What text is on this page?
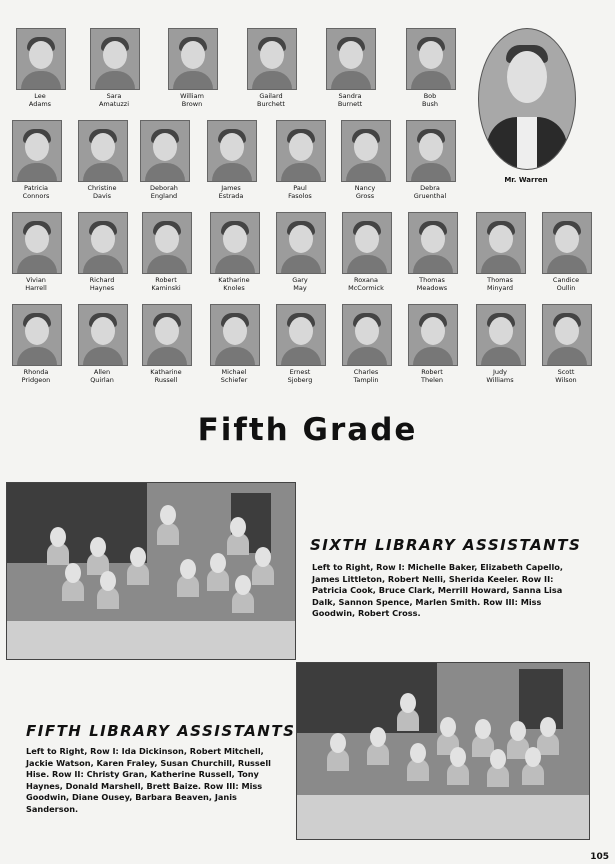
Lee
Adams
Sara
Amatuzzi
William
Brown
Gailard
Burchett
Sandra
Burnett
Bob
Bush
Patricia
Connors
Christine
Davis
Deborah
England
James
Estrada
Paul
Fasolos
Nancy
Gross
Debra
Gruenthal
Vivian
Harrell
Richard
Haynes
Robert
Kaminski
Katharine
Knoles
Gary
May
Roxana
McCormick
Thomas
Meadows
Thomas
Minyard
Candice
Oullin
Rhonda
Pridgeon
Allen
Quirlan
Katharine
Russell
Michael
Schiefer
Ernest
Sjoberg
Charles
Tamplin
Robert
Thelen
Judy
Williams
Scott
Wilson
Mr. Warren
Fifth Grade
SIXTH LIBRARY ASSISTANTS
Left to Right, Row I: Michelle Baker, Elizabeth Capello, James Littleton, Robert Nelli, Sherida Keeler. Row II: Patricia Cook, Bruce Clark, Merrill Howard, Sanna Lisa Dalk, Sannon Spence, Marlen Smith. Row III: Miss Goodwin, Robert Cross.
FIFTH LIBRARY ASSISTANTS
Left to Right, Row I: Ida Dickinson, Robert Mitchell, Jackie Watson, Karen Fraley, Susan Churchill, Russell Hise. Row II: Christy Gran, Katherine Russell, Tony Haynes, Donald Marshell, Brett Baize. Row III: Miss Goodwin, Diane Ousey, Barbara Beaven, Janis Sanderson.
105
